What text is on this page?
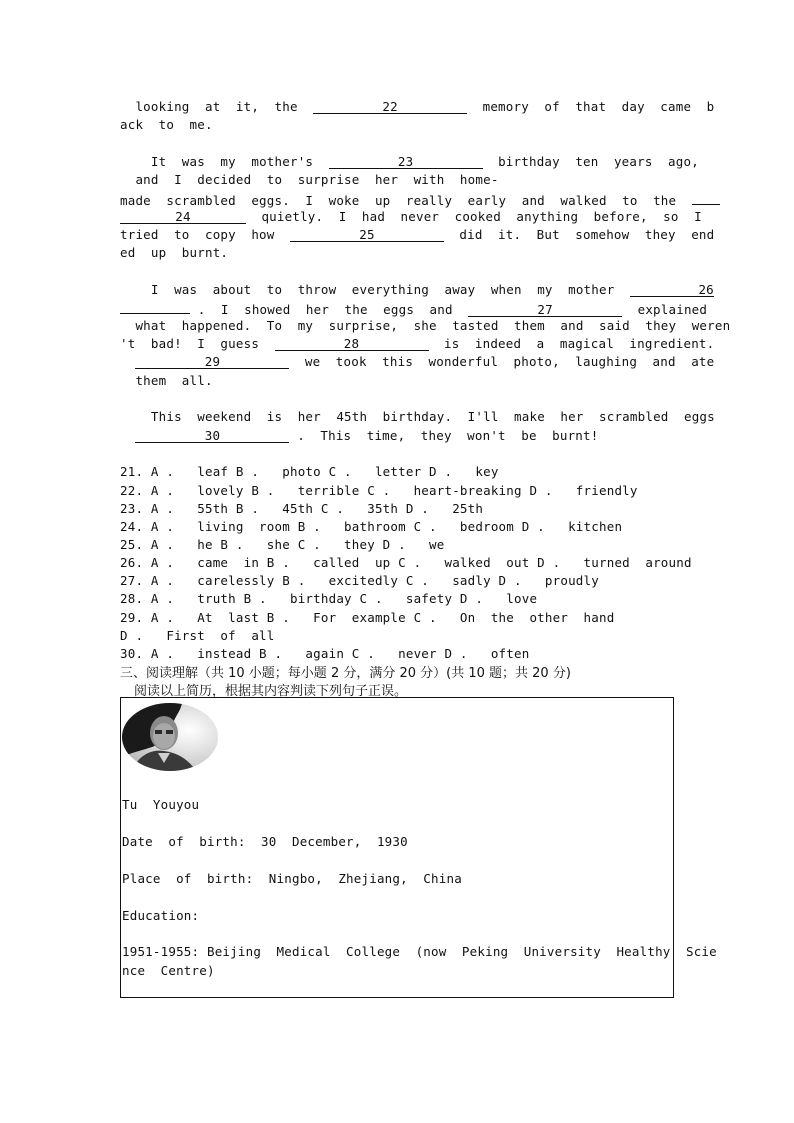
looking  at  it,  the	22	memory  of  that  day  came  b
ack  to  me.
It  was  my  mother's	23	birthday  ten  years  ago,
and  I  decided  to  surprise  her  with  home-
made  scrambled  eggs.  I  woke  up  really  early  and  walked  to  the
24	quietly.  I  had  never  cooked  anything  before,  so  I
tried  to  copy  how	25	did  it.  But  somehow  they  end
ed  up  burnt.
I  was  about  to  throw  everything  away  when  my  mother	26
.  I  showed  her  the  eggs  and	27	explained
what  happened.  To  my  surprise,  she  tasted  them  and  said  they  weren
't  bad!  I  guess	28	is  indeed  a  magical  ingredient.
29	we  took  this  wonderful  photo,  laughing  and  ate
them  all.
This  weekend  is  her  45th  birthday.  I'll  make  her  scrambled  eggs
30	.  This  time,  they  won't  be  burnt!
21. A .   leaf B .   photo C .   letter D .   key
22. A .   lovely B .   terrible C .   heart-breaking D .   friendly
23. A .   55th B .   45th C .   35th D .   25th
24. A .   living  room B .   bathroom C .   bedroom D .   kitchen
25. A .   he B .   she C .   they D .   we
26. A .   came  in B .   called  up C .   walked  out D .   turned  around
27. A .   carelessly B .   excitedly C .   sadly D .   proudly
28. A .   truth B .   birthday C .   safety D .   love
29. A .   At  last B .   For  example C .   On  the  other  hand
D .   First  of  all
30. A .   instead B .   again C .   never D .   often
三、阅读理解（共 10 小题；每小题 2 分，满分 20 分）(共 10 题；共 20 分)
阅读以上简历，根据其内容判读下列句子正误。
Tu  Youyou
Date  of  birth:  30  December,  1930
Place  of  birth:  Ningbo,  Zhejiang,  China
Education:
1951-1955: Beijing  Medical  College  (now  Peking  University  Healthy  Scie
nce  Centre)
